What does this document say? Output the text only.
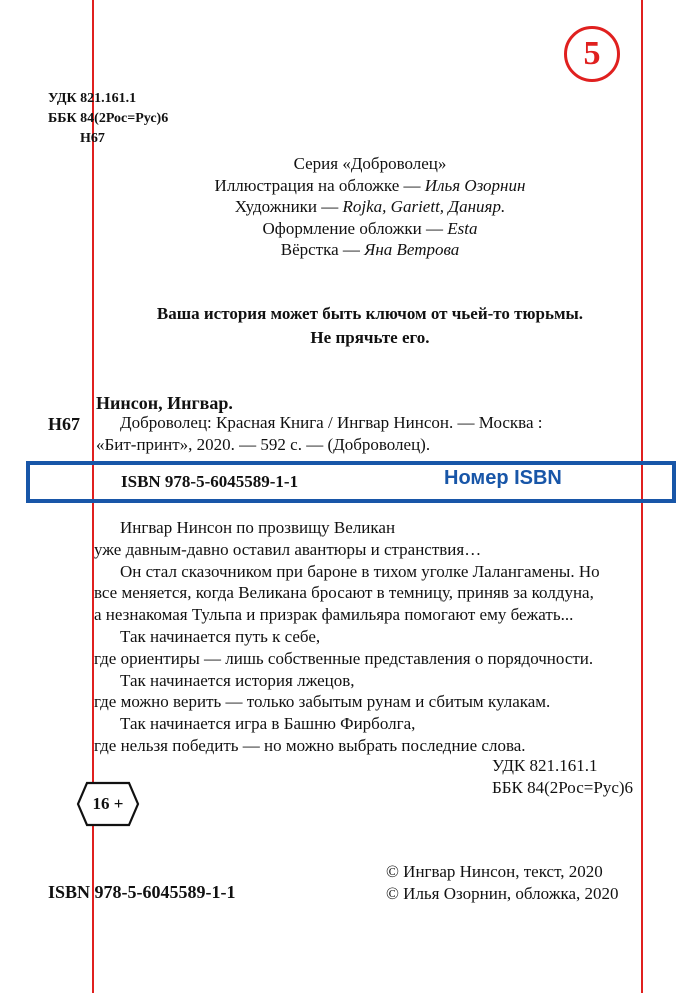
5
УДК 821.161.1
ББК 84(2Рос=Рус)6
Н67
Серия «Доброволец»
Иллюстрация на обложке — Илья Озорнин
Художники — Rojka, Gariett, Данияр.
Оформление обложки — Esta
Вёрстка — Яна Ветрова
Ваша история может быть ключом от чьей-то тюрьмы.
Не прячьте его.
Нинсон, Ингвар.
Н67 Доброволец: Красная Книга / Ингвар Нинсон. — Москва :
«Бит-принт», 2020. — 592 с. — (Доброволец).
ISBN 978-5-6045589-1-1	Номер ISBN
Ингвар Нинсон по прозвищу Великан
уже давным-давно оставил авантюры и странствия…
Он стал сказочником при бароне в тихом уголке Лалангамены. Но
все меняется, когда Великана бросают в темницу, приняв за колдуна,
а незнакомая Тульпа и призрак фамильяра помогают ему бежать...
Так начинается путь к себе,
где ориентиры — лишь собственные представления о порядочности.
Так начинается история лжецов,
где можно верить — только забытым рунам и сбитым кулакам.
Так начинается игра в Башню Фирболга,
где нельзя победить — но можно выбрать последние слова.
УДК 821.161.1
ББК 84(2Рос=Рус)6
16 +
ISBN 978-5-6045589-1-1
© Ингвар Нинсон, текст, 2020
© Илья Озорнин, обложка, 2020
